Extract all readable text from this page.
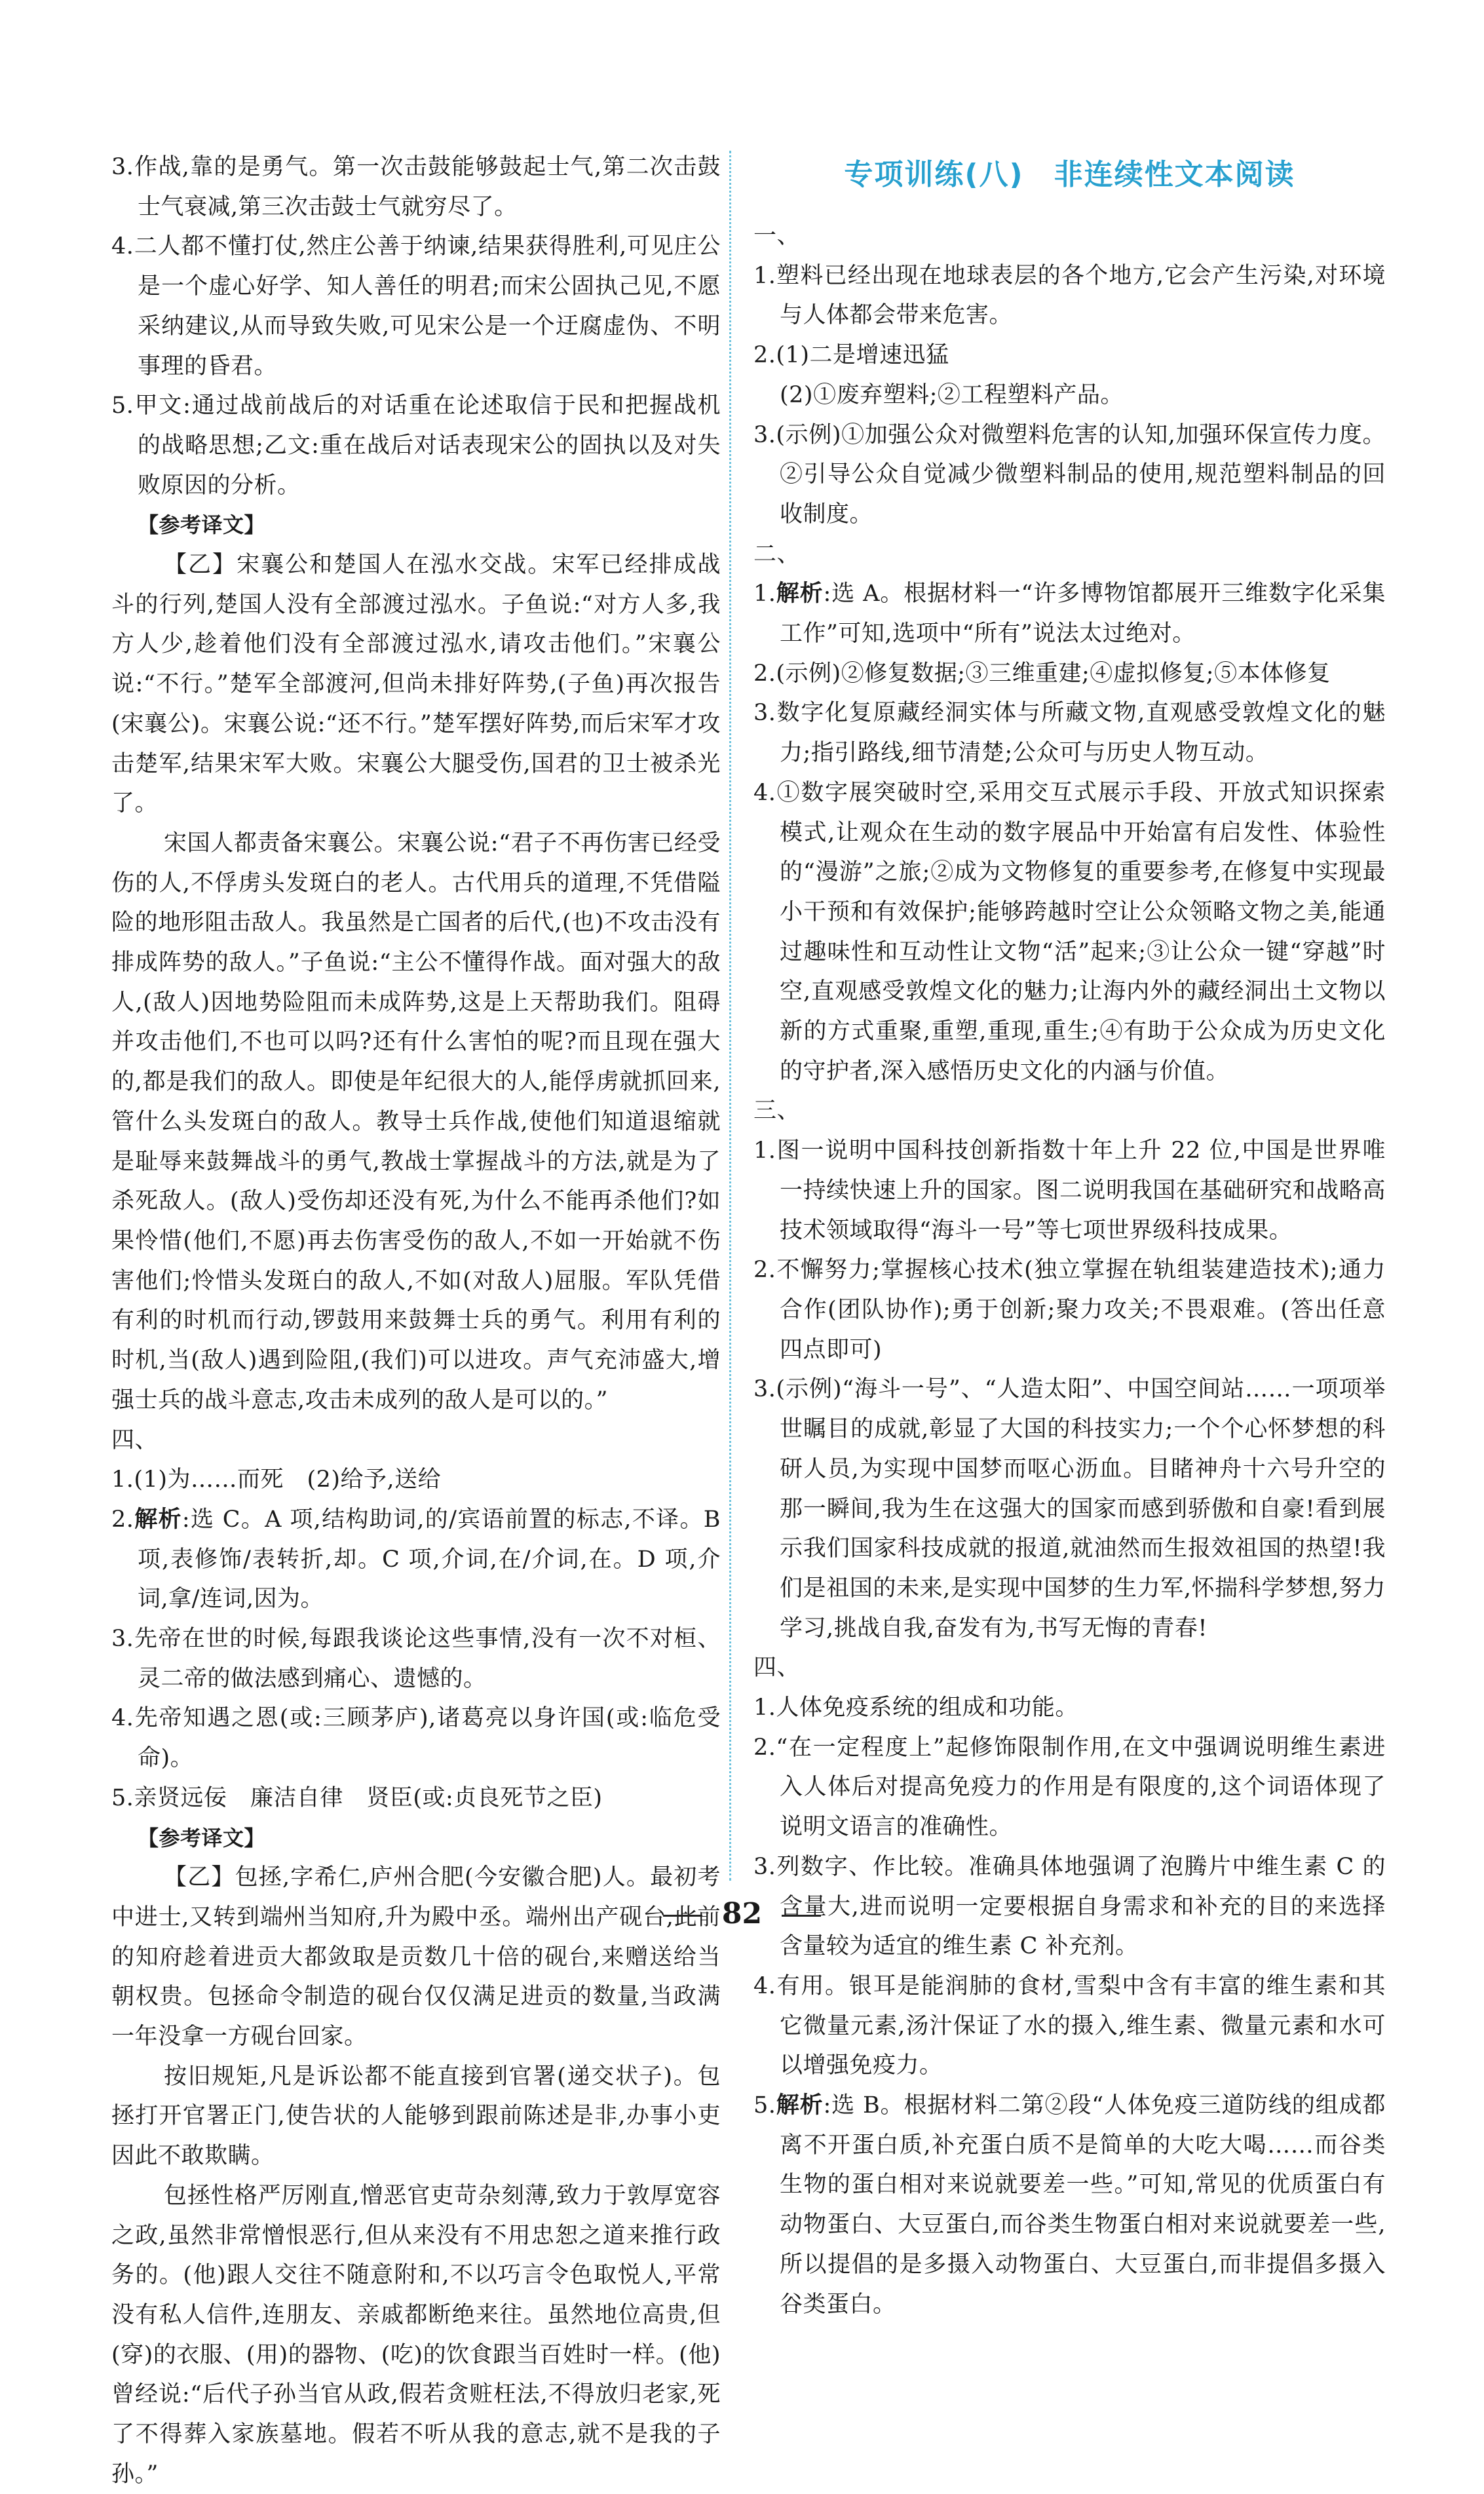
专项训练(八)　非连续性文本阅读

3.作战,靠的是勇气。第一次击鼓能够鼓起士气,第二次击鼓士气衰减,第三次击鼓士气就穷尽了。

4.二人都不懂打仗,然庄公善于纳谏,结果获得胜利,可见庄公是一个虚心好学、知人善任的明君;而宋公固执己见,不愿采纳建议,从而导致失败,可见宋公是一个迂腐虚伪、不明事理的昏君。

5.甲文:通过战前战后的对话重在论述取信于民和把握战机的战略思想;乙文:重在战后对话表现宋公的固执以及对失败原因的分析。

【 参考译文 】

【乙】宋襄公和楚国人在泓水交战。宋军已经排成战斗的行列,楚国人没有全部渡过泓水。子鱼说:“对方人多,我方人少,趁着他们没有全部渡过泓水,请攻击他们。”宋襄公说:“不行。”楚军全部渡河,但尚未排好阵势,(子鱼)再次报告(宋襄公)。宋襄公说:“还不行。”楚军摆好阵势,而后宋军才攻击楚军,结果宋军大败。宋襄公大腿受伤,国君的卫士被杀光了。

宋国人都责备宋襄公。宋襄公说:“君子不再伤害已经受伤的人,不俘虏头发斑白的老人。古代用兵的道理,不凭借隘险的地形阻击敌人。我虽然是亡国者的后代,(也)不攻击没有排成阵势的敌人。”子鱼说:“主公不懂得作战。面对强大的敌人,(敌人)因地势险阻而未成阵势,这是上天帮助我们。阻碍并攻击他们,不也可以吗?还有什么害怕的呢?而且现在强大的,都是我们的敌人。即使是年纪很大的人,能俘虏就抓回来,管什么头发斑白的敌人。教导士兵作战,使他们知道退缩就是耻辱来鼓舞战斗的勇气,教战士掌握战斗的方法,就是为了杀死敌人。(敌人)受伤却还没有死,为什么不能再杀他们?如果怜惜(他们,不愿)再去伤害受伤的敌人,不如一开始就不伤害他们;怜惜头发斑白的敌人,不如(对敌人)屈服。军队凭借有利的时机而行动,锣鼓用来鼓舞士兵的勇气。利用有利的时机,当(敌人)遇到险阻,(我们)可以进攻。声气充沛盛大,增强士兵的战斗意志,攻击未成列的敌人是可以的。”

四、

1.(1)为……而死　(2)给予,送给

2.解析:选 C。A 项,结构助词,的/宾语前置的标志,不译。B 项,表修饰/表转折,却。C 项,介词,在/介词,在。D 项,介词,拿/连词,因为。

3.先帝在世的时候,每跟我谈论这些事情,没有一次不对桓、灵二帝的做法感到痛心、遗憾的。

4.先帝知遇之恩(或:三顾茅庐),诸葛亮以身许国(或:临危受命)。

5.亲贤远佞　廉洁自律　贤臣(或:贞良死节之臣)

【 参考译文 】

【乙】包拯,字希仁,庐州合肥(今安徽合肥)人。最初考中进士,又转到端州当知府,升为殿中丞。端州出产砚台,此前的知府趁着进贡大都敛取是贡数几十倍的砚台,来赠送给当朝权贵。包拯命令制造的砚台仅仅满足进贡的数量,当政满一年没拿一方砚台回家。

按旧规矩,凡是诉讼都不能直接到官署(递交状子)。包拯打开官署正门,使告状的人能够到跟前陈述是非,办事小吏因此不敢欺瞒。

包拯性格严厉刚直,憎恶官吏苛杂刻薄,致力于敦厚宽容之政,虽然非常憎恨恶行,但从来没有不用忠恕之道来推行政务的。(他)跟人交往不随意附和,不以巧言令色取悦人,平常没有私人信件,连朋友、亲戚都断绝来往。虽然地位高贵,但(穿)的衣服、(用)的器物、(吃)的饮食跟当百姓时一样。(他)曾经说:“后代子孙当官从政,假若贪赃枉法,不得放归老家,死了不得葬入家族墓地。假若不听从我的意志,就不是我的子孙。”

一、

1.塑料已经出现在地球表层的各个地方,它会产生污染,对环境与人体都会带来危害。

2.(1)二是增速迅猛

(2)①废弃塑料;②工程塑料产品。

3.(示例)①加强公众对微塑料危害的认知,加强环保宣传力度。②引导公众自觉减少微塑料制品的使用,规范塑料制品的回收制度。

二、

1.解析:选 A。根据材料一“许多博物馆都展开三维数字化采集工作”可知,选项中“所有”说法太过绝对。

2.(示例)②修复数据;③三维重建;④虚拟修复;⑤本体修复

3.数字化复原藏经洞实体与所藏文物,直观感受敦煌文化的魅力;指引路线,细节清楚;公众可与历史人物互动。

4.①数字展突破时空,采用交互式展示手段、开放式知识探索模式,让观众在生动的数字展品中开始富有启发性、体验性的“漫游”之旅;②成为文物修复的重要参考,在修复中实现最小干预和有效保护;能够跨越时空让公众领略文物之美,能通过趣味性和互动性让文物“活”起来;③让公众一键“穿越”时空,直观感受敦煌文化的魅力;让海内外的藏经洞出土文物以新的方式重聚,重塑,重现,重生;④有助于公众成为历史文化的守护者,深入感悟历史文化的内涵与价值。

三、

1.图一说明中国科技创新指数十年上升 22 位,中国是世界唯一持续快速上升的国家。图二说明我国在基础研究和战略高技术领域取得“海斗一号”等七项世界级科技成果。

2.不懈努力;掌握核心技术(独立掌握在轨组装建造技术);通力合作(团队协作);勇于创新;聚力攻关;不畏艰难。(答出任意四点即可)

3.(示例)“海斗一号”、“人造太阳”、中国空间站……一项项举世瞩目的成就,彰显了大国的科技实力;一个个心怀梦想的科研人员,为实现中国梦而呕心沥血。目睹神舟十六号升空的那一瞬间,我为生在这强大的国家而感到骄傲和自豪!看到展示我们国家科技成就的报道,就油然而生报效祖国的热望!我们是祖国的未来,是实现中国梦的生力军,怀揣科学梦想,努力学习,挑战自我,奋发有为,书写无悔的青春!

四、

1.人体免疫系统的组成和功能。

2.“在一定程度上”起修饰限制作用,在文中强调说明维生素进入人体后对提高免疫力的作用是有限度的,这个词语体现了说明文语言的准确性。

3.列数字、作比较。准确具体地强调了泡腾片中维生素 C 的含量大,进而说明一定要根据自身需求和补充的目的来选择含量较为适宜的维生素 C 补充剂。

4.有用。银耳是能润肺的食材,雪梨中含有丰富的维生素和其它微量元素,汤汁保证了水的摄入,维生素、微量元素和水可以增强免疫力。

5.解析:选 B。根据材料二第②段“人体免疫三道防线的组成都离不开蛋白质,补充蛋白质不是简单的大吃大喝……而谷类生物的蛋白相对来说就要差一些。”可知,常见的优质蛋白有动物蛋白、大豆蛋白,而谷类生物蛋白相对来说就要差一些,所以提倡的是多摄入动物蛋白、大豆蛋白,而非提倡多摄入谷类蛋白。

82
